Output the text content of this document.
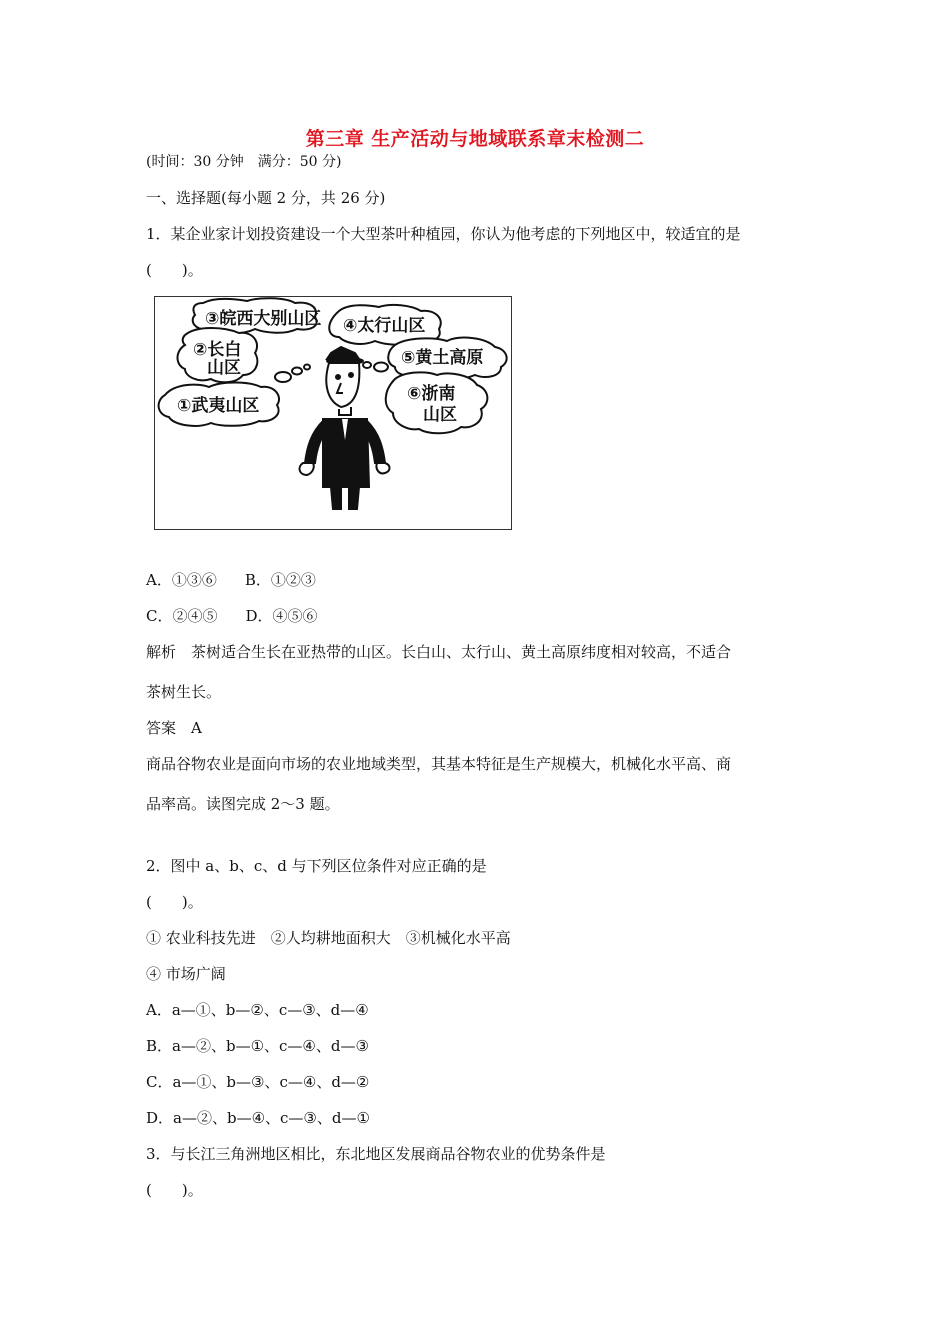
第三章 生产活动与地域联系章末检测二
(时间：30 分钟　满分：50 分)
一、选择题(每小题 2 分，共 26 分)
1．某企业家计划投资建设一个大型茶叶种植园，你认为他考虑的下列地区中，较适宜的是
(　　)。
③皖西大别山区 ④太行山区
②长白
山区	⑤黄土高原
⑥浙南
山区
①武夷山区
A．①③⑥ B．①②③
C．②④⑤ D．④⑤⑥
解析　茶树适合生长在亚热带的山区。长白山、太行山、黄土高原纬度相对较高，不适合
茶树生长。
答案　A
商品谷物农业是面向市场的农业地域类型，其基本特征是生产规模大，机械化水平高、商
品率高。读图完成 2～3 题。
2．图中 a、b、c、d 与下列区位条件对应正确的是
(　　)。
① 农业科技先进　②人均耕地面积大　③机械化水平高
④ 市场广阔
A．a—①、b—②、c—③、d—④
B．a—②、b—①、c—④、d—③
C．a—①、b—③、c—④、d—②
D．a—②、b—④、c—③、d—①
3．与长江三角洲地区相比，东北地区发展商品谷物农业的优势条件是
(　　)。
